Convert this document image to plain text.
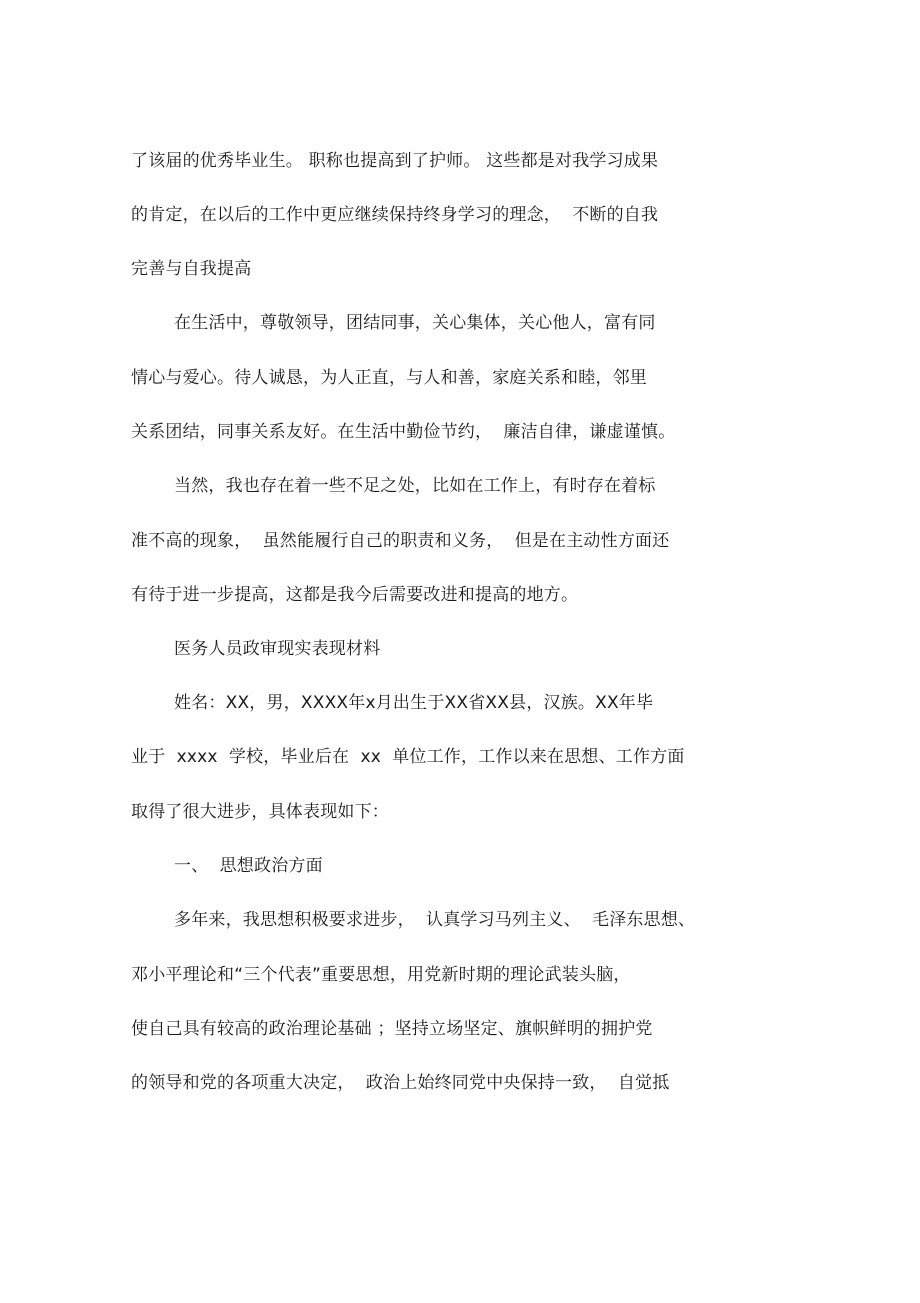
了该届的优秀毕业生。 职称也提高到了护师。 这些都是对我学习成果
的肯定，在以后的工作中更应继续保持终身学习的理念，  不断的自我
完善与自我提高
在生活中，尊敬领导，团结同事，关心集体，关心他人，富有同
情心与爱心。待人诚恳，为人正直，与人和善，家庭关系和睦，邻里
关系团结，同事关系友好。在生活中勤俭节约，  廉洁自律，谦虚谨慎。
当然，我也存在着一些不足之处，比如在工作上，有时存在着标
准不高的现象，  虽然能履行自己的职责和义务，  但是在主动性方面还
有待于进一步提高，这都是我今后需要改进和提高的地方。
医务人员政审现实表现材料
姓名：XX，男，XXXX年x月出生于XX省XX县，汉族。XX年毕
业于  xxxx  学校，毕业后在  xx  单位工作，工作以来在思想、工作方面
取得了很大进步，具体表现如下：
一、  思想政治方面
多年来，我思想积极要求进步，  认真学习马列主义、  毛泽东思想、
邓小平理论和“三个代表”重要思想，用党新时期的理论武装头脑，
使自己具有较高的政治理论基础 ；坚持立场坚定、旗帜鲜明的拥护党
的领导和党的各项重大决定，  政治上始终同党中央保持一致，  自觉抵
